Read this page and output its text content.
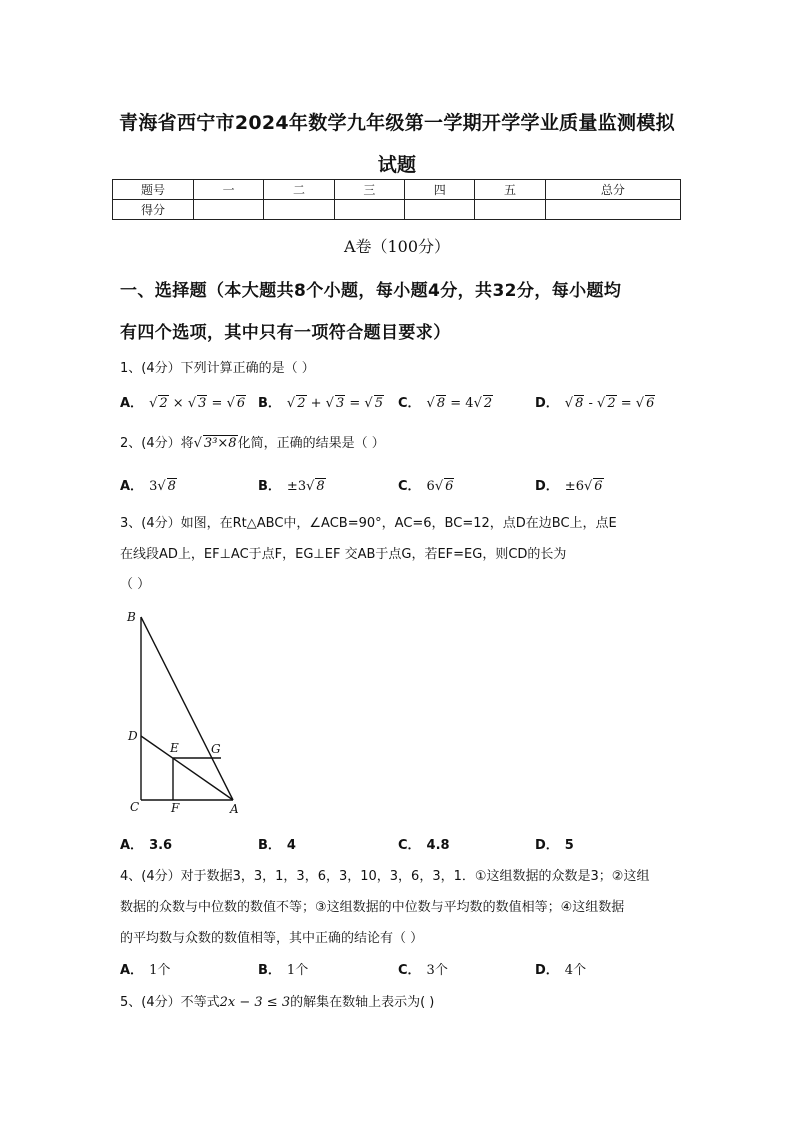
青海省西宁市2024年数学九年级第一学期开学学业质量监测模拟
试题
题号	一	二	三	四	五	总分
得分						
A卷（100分）
一、选择题（本大题共8个小题，每小题4分，共32分，每小题均
有四个选项，其中只有一项符合题目要求）
1、(4分）下列计算正确的是（ ）
A． √ 2 × √ 3 = √ 6 B． √ 2 + √ 3 = √ 5 C． √ 8 = 4√ 2	D． √ 8 - √ 2 = √ 6
2、(4分）将√ 3³×8化简，正确的结果是（ ）
A． 3√ 8	B． ±3√ 8	C． 6√ 6	D． ±6√ 6
3、(4分）如图，在Rt△ABC中，∠ACB=90°，AC=6，BC=12，点D在边BC上，点E
在线段AD上，EF⊥AC于点F，EG⊥EF 交AB于点G，若EF=EG，则CD的长为
（ ）
B
D
E	G
C	F	A
A． 3.6	B． 4	C． 4.8	D． 5
4、(4分）对于数据3，3，1，3，6，3，10，3，6，3，1．①这组数据的众数是3；②这组
数据的众数与中位数的数值不等；③这组数据的中位数与平均数的数值相等；④这组数据
的平均数与众数的数值相等，其中正确的结论有（ ）
A． 1个	B． 1个	C． 3个	D． 4个
5、(4分）不等式2x − 3 ≤ 3的解集在数轴上表示为( )
